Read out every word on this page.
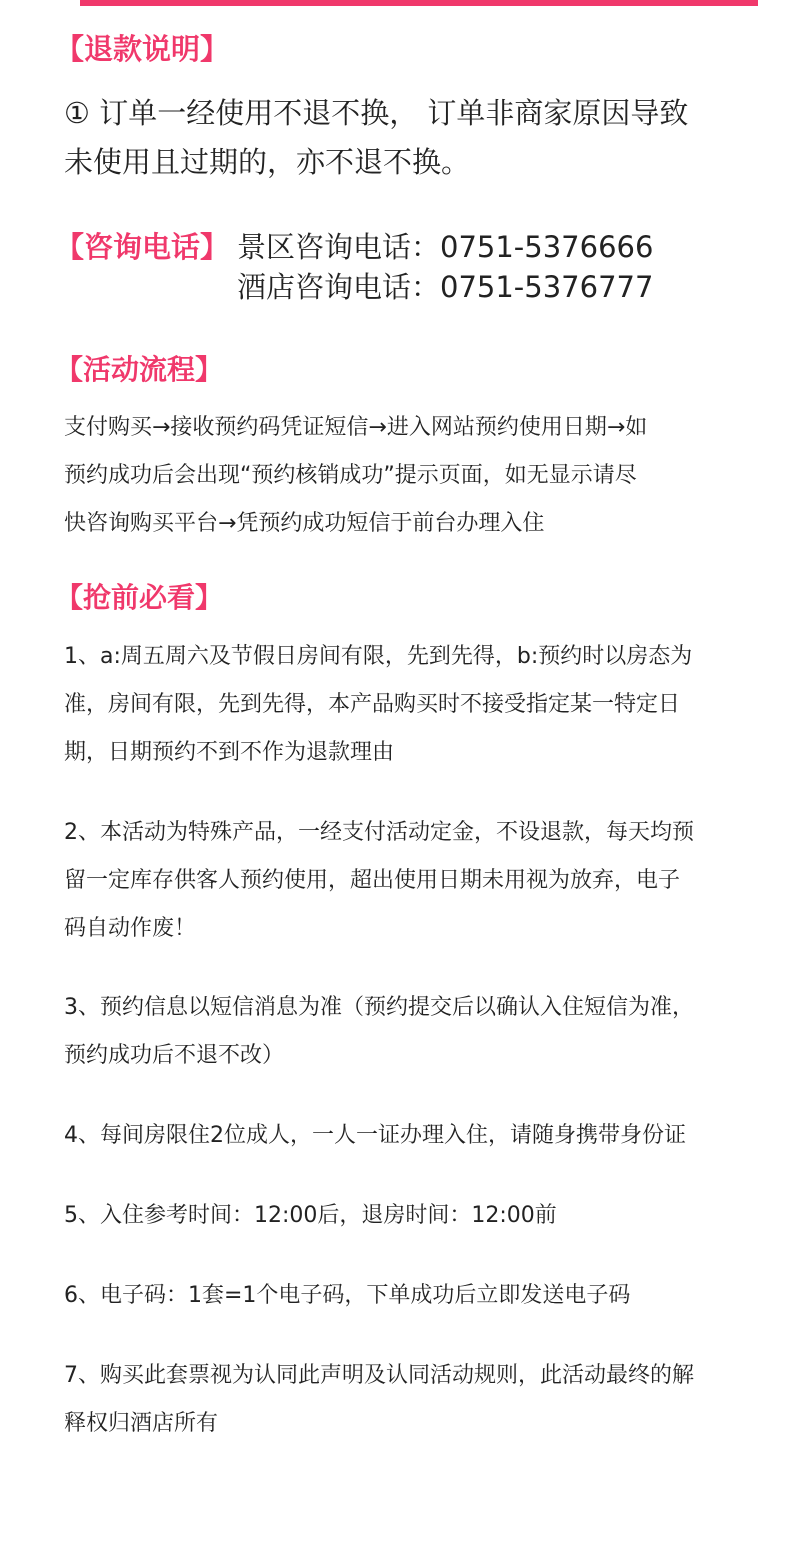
【退款说明】
① 订单一经使用不退不换， 订单非商家原因导致
未使用且过期的，亦不退不换。
【咨询电话】 景区咨询电话：0751-5376666
酒店咨询电话：0751-5376777
【活动流程】
支付购买→接收预约码凭证短信→进入网站预约使用日期→如
预约成功后会出现“预约核销成功”提示页面，如无显示请尽
快咨询购买平台→凭预约成功短信于前台办理入住
【抢前必看】
1、a:周五周六及节假日房间有限，先到先得，b:预约时以房态为
准，房间有限，先到先得，本产品购买时不接受指定某一特定日
期，日期预约不到不作为退款理由
2、本活动为特殊产品，一经支付活动定金，不设退款，每天均预
留一定库存供客人预约使用，超出使用日期未用视为放弃，电子
码自动作废！
3、预约信息以短信消息为准（预约提交后以确认入住短信为准，
预约成功后不退不改）
4、每间房限住2位成人，一人一证办理入住，请随身携带身份证
5、入住参考时间：12:00后，退房时间：12:00前
6、电子码：1套=1个电子码，下单成功后立即发送电子码
7、购买此套票视为认同此声明及认同活动规则，此活动最终的解
释权归酒店所有
